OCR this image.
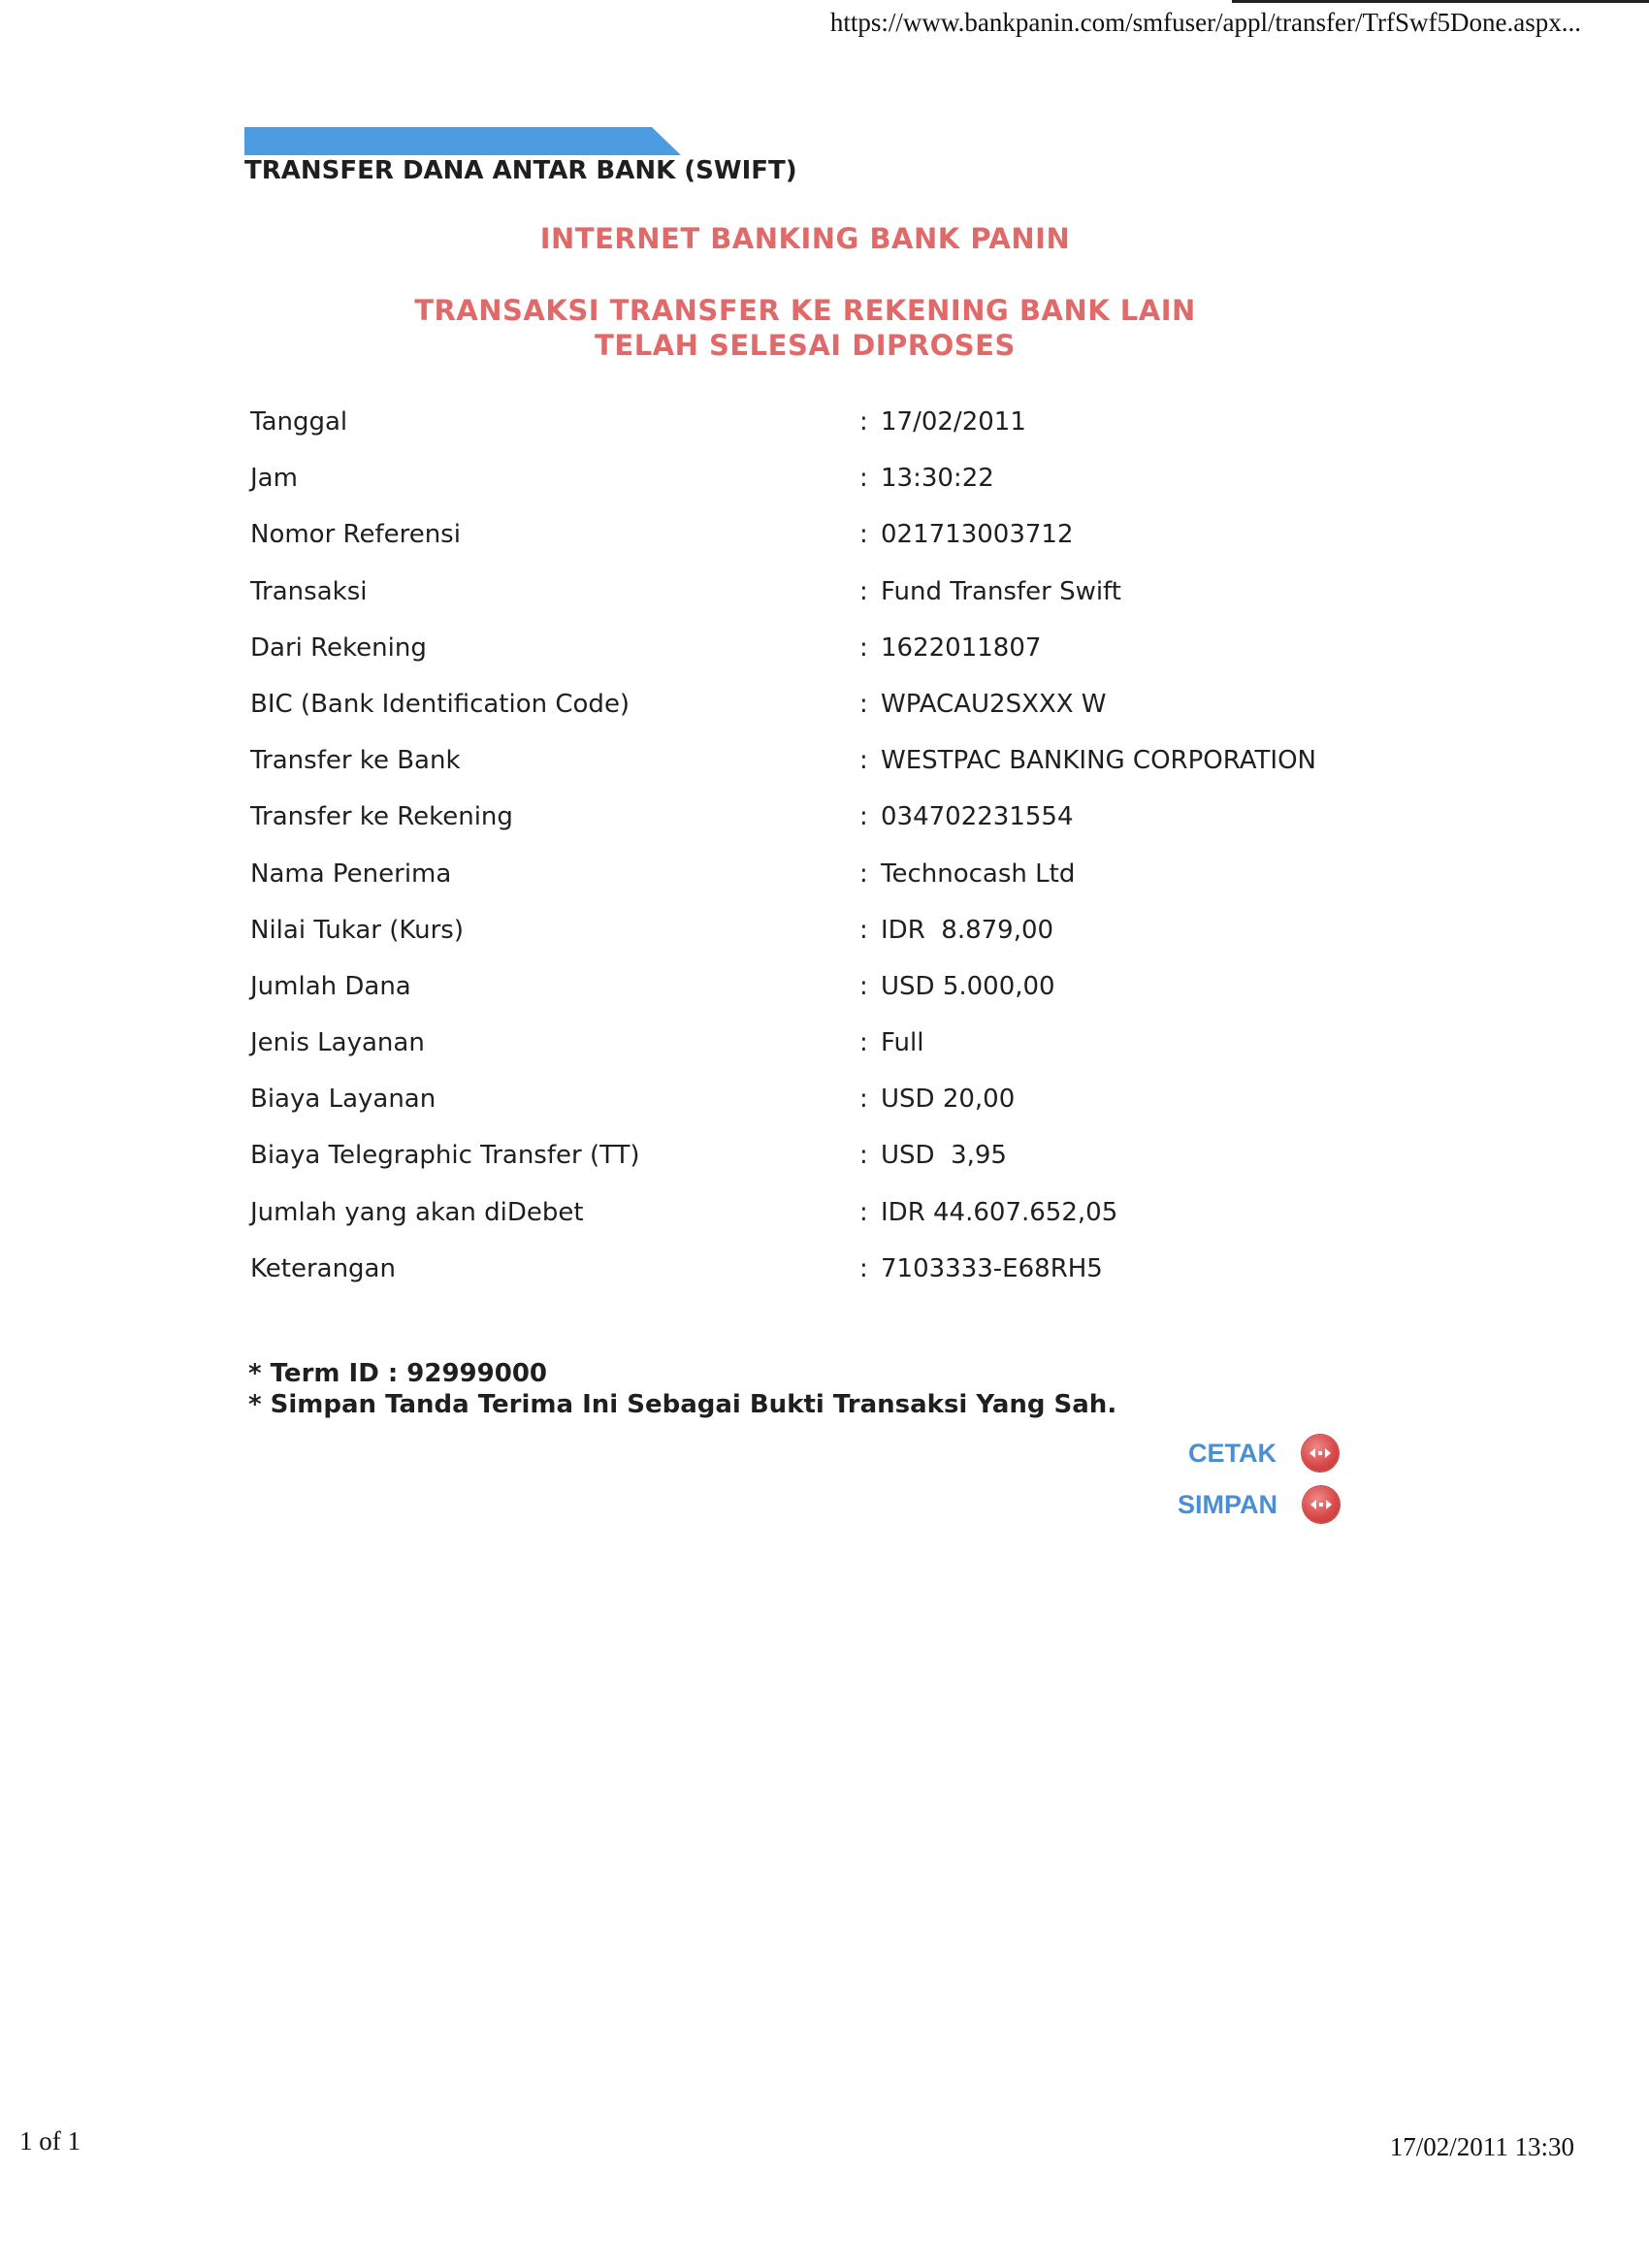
https://www.bankpanin.com/smfuser/appl/transfer/TrfSwf5Done.aspx...
TRANSFER DANA ANTAR BANK (SWIFT)
INTERNET BANKING BANK PANIN
TRANSAKSI TRANSFER KE REKENING BANK LAIN
TELAH SELESAI DIPROSES
Tanggal	: 17/02/2011
Jam	: 13:30:22
Nomor Referensi	: 021713003712
Transaksi	: Fund Transfer Swift
Dari Rekening	: 1622011807
BIC (Bank Identification Code)	: WPACAU2SXXX W
Transfer ke Bank	: WESTPAC BANKING CORPORATION
Transfer ke Rekening	: 034702231554
Nama Penerima	: Technocash Ltd
Nilai Tukar (Kurs)	: IDR  8.879,00
Jumlah Dana	: USD 5.000,00
Jenis Layanan	: Full
Biaya Layanan	: USD 20,00
Biaya Telegraphic Transfer (TT)	: USD  3,95
Jumlah yang akan diDebet	: IDR 44.607.652,05
Keterangan	: 7103333-E68RH5
* Term ID : 92999000
* Simpan Tanda Terima Ini Sebagai Bukti Transaksi Yang Sah.
CETAK
SIMPAN
1 of 1	17/02/2011 13:30
